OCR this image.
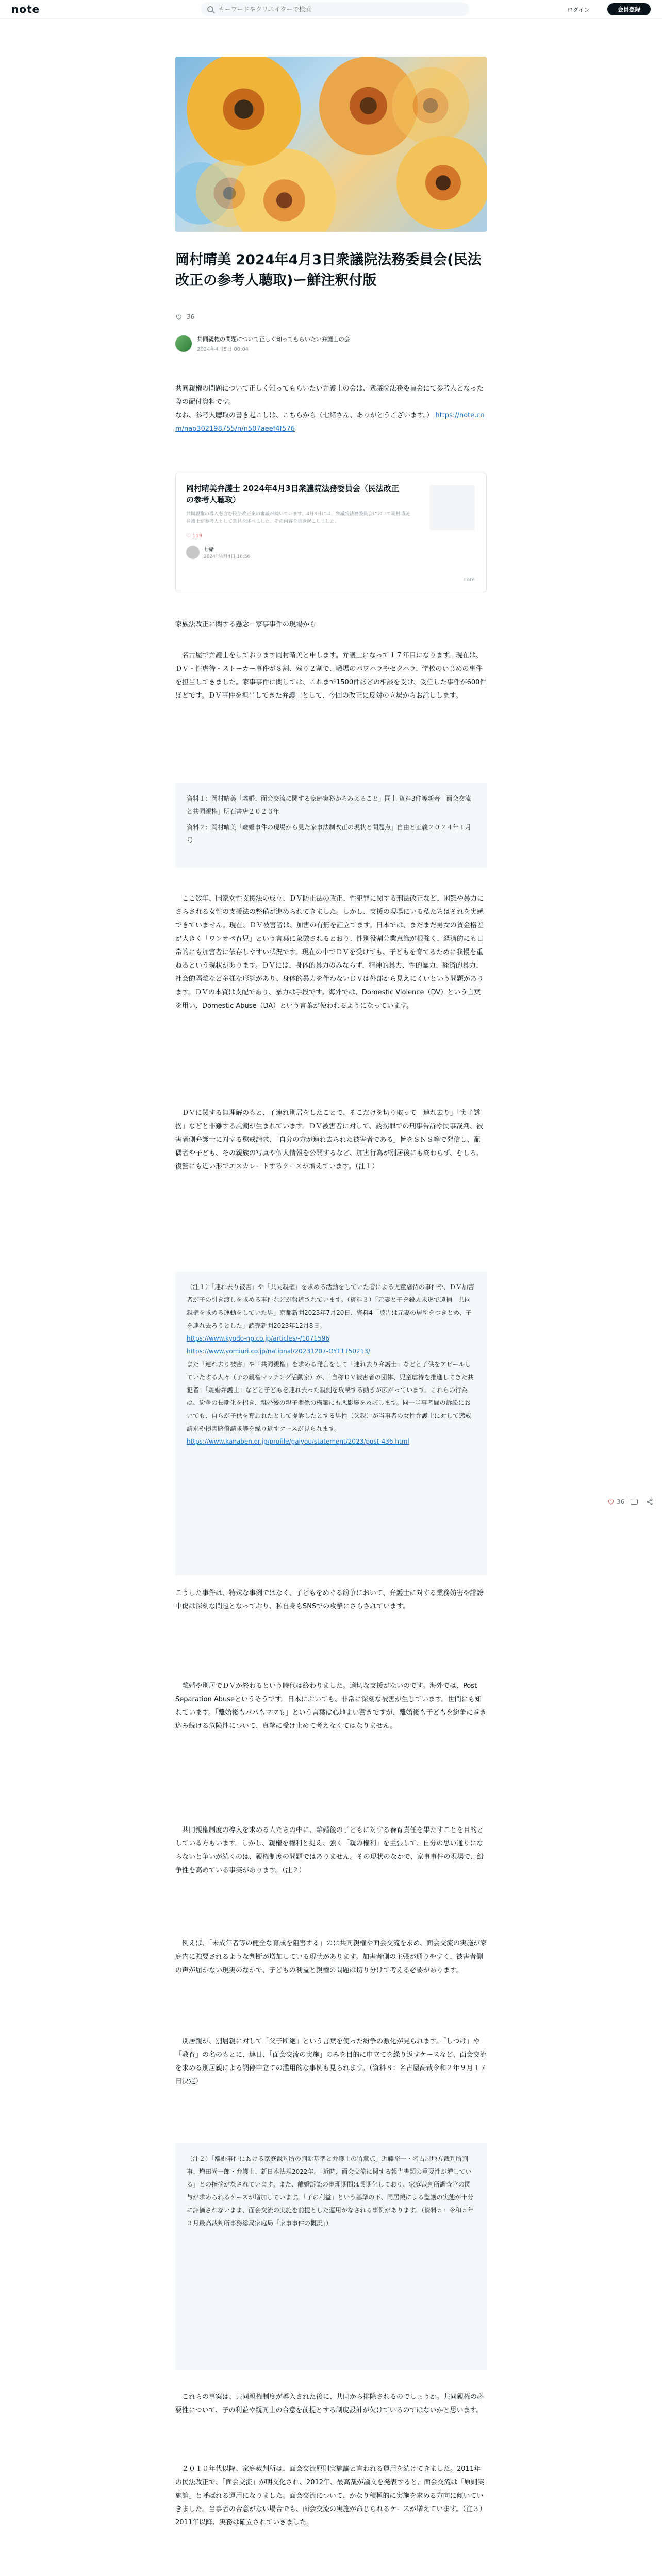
note
キーワードやクリエイターで検索	ログイン	会員登録
岡村晴美 2024年4月3日衆議院法務委員会(民法改正の参考人聴取)ー鮮注釈付版
36
共同親権の問題について正しく知ってもらいたい弁護士の会
2024年4月5日 00:04

共同親権の問題について正しく知ってもらいたい弁護士の会は、衆議院法務委員会にて参考人となった際の配付資料です。

なお、参考人聴取の書き起こしは、こちらから（七緒さん、ありがとうございます。） https://note.com/nao302198755/n/n507aeef4f576

岡村晴美弁護士 2024年4月3日衆議院法務委員会（民法改正の参考人聴取）
共同親権の導入を含む民法改正案の審議が続いています。4月3日には、衆議院法務委員会において岡村晴美弁護士が参考人として意見を述べました。その内容を書き起こしました。
♡ 119
七緒
2024年4月4日 16:56
note
家族法改正に関する懸念－家事事件の現場から
名古屋で弁護士をしております岡村晴美と申します。弁護士になって１７年目になります。現在は、ＤＶ・性虐待・ストーカー事件が８割、残り２割で、職場のパワハラやセクハラ、学校のいじめの事件を担当してきました。家事事件に関しては、これまで1500件ほどの相談を受け、受任した事件が600件ほどです。ＤＶ事件を担当してきた弁護士として、今回の改正に反対の立場からお話しします。

資料１：岡村晴美「離婚、面会交流に関する家庭実務からみえること」同上 資料3件等新著「面会交流と共同親権」明石書店２０２３年

資料２：岡村晴美「離婚事件の現場から見た家事法制改正の現状と問題点」自由と正義２０２４年１月号

ここ数年、国家女性支援法の成立、ＤＶ防止法の改正、性犯罪に関する刑法改正など、困難や暴力にさらされる女性の支援法の整備が進められてきました。しかし、支援の現場にいる私たちはそれを実感できていません。現在、ＤＶ被害者は、加害の有無を証立てます。日本では、まだまだ男女の賃金格差が大きく「ワンオペ育児」という言葉に象徴されるとおり、性別役割分業意識が根強く、経済的にも日常的にも加害者に依存しやすい状況です。現在の中でＤＶを受けても、子どもを育てるために我慢を重ねるという現状があります。ＤＶには、身体的暴力のみならず、精神的暴力、性的暴力、経済的暴力、社会的隔離など多様な形態があり、身体的暴力を伴わないＤＶは外部から見えにくいという問題があります。ＤＶの本質は支配であり、暴力は手段です。海外では、Domestic Violence（DV）という言葉を用い、Domestic Abuse（DA）という言葉が使われるようになっています。
ＤＶに関する無理解のもと、子連れ別居をしたことで、そこだけを切り取って「連れ去り」「実子誘拐」などと非難する風潮が生まれています。ＤＶ被害者に対して、誘拐罪での刑事告訴や民事裁判、被害者側弁護士に対する懲戒請求、「自分の方が連れ去られた被害者である」旨をＳＮＳ等で発信し、配偶者や子ども、その親族の写真や個人情報を公開するなど、加害行為が別居後にも終わらず、むしろ、復讐にも近い形でエスカレートするケースが増えています。（注１）

（注１）「連れ去り被害」や「共同親権」を求める活動をしていた者による児童虐待の事件や、ＤＶ加害者が子の引き渡しを求める事件などが報道されています。（資料３）「元妻と子を殺人未遂で逮捕　共同親権を求める運動をしていた男」京都新聞2023年7月20日、資料4「被告は元妻の居所をつきとめ、子を連れ去ろうとした」読売新聞2023年12月8日。

https://www.kyodo-np.co.jp/articles/-/1071596

https://www.yomiuri.co.jp/national/20231207-OYT1T50213/

また「連れ去り被害」や「共同親権」を求める発言をして「連れ去り弁護士」などと子供をアピールしていたする人々（子の親権マッチング活動家）が、「自称ＤＶ被害者の団体、児童虐待を推進してきた共犯者」「離婚弁護士」などと子どもを連れ去った親側を攻撃する動きが広がっています。これらの行為は、紛争の長期化を招き、離婚後の親子関係の構築にも悪影響を及ぼします。同一当事者間の訴訟においても、自らが子供を奪われたとして提訴したとする男性（父親）が当事者の女性弁護士に対して懲戒請求や損害賠償請求等を繰り返すケースが見られます。

https://www.kanaben.or.jp/profile/gaiyou/statement/2023/post-436.html

こうした事件は、特殊な事例ではなく、子どもをめぐる紛争において、弁護士に対する業務妨害や誹謗中傷は深刻な問題となっており、私自身もSNSでの攻撃にさらされています。
離婚や別居でＤＶが終わるという時代は終わりました。適切な支援がないのです。海外では、Post Separation Abuseというそうです。日本においても、非常に深刻な被害が生じています。世間にも知れています。「離婚後もパパもママも」という言葉は心地よい響きですが、離婚後も子どもを紛争に巻き込み続ける危険性について、真摯に受け止めて考えなくてはなりません。
共同親権制度の導入を求める人たちの中に、離婚後の子どもに対する養育責任を果たすことを目的としている方もいます。しかし、親権を権利と捉え、強く「親の権利」を主張して、自分の思い通りにならないと争いが続くのは、親権制度の問題ではありません。その現状のなかで、家事事件の現場で、紛争性を高めている事実があります。（注２）
例えば、「未成年者等の健全な育成を阻害する」のに共同親権や面会交流を求め、面会交流の実施が家庭内に強要されるような判断が増加している現状があります。加害者側の主張が通りやすく、被害者側の声が届かない現実のなかで、子どもの利益と親権の問題は切り分けて考える必要があります。
別居親が、別居親に対して「父子断絶」という言葉を使った紛争の激化が見られます。「しつけ」や「教育」の名のもとに、連日、「面会交流の実施」のみを目的に申立てを繰り返すケースなど、面会交流を求める別居親による調停申立ての濫用的な事例も見られます。（資料８：名古屋高裁令和２年９月１７日決定）
（注２）「離婚事件における家庭裁判所の判断基準と弁護士の留意点」近藤裕一・名古屋地方裁判所判事、増田尚一郎・弁護士、新日本法規2022年。「近時、面会交流に関する報告書類の重要性が増している」との指摘がなされています。また、離婚訴訟の審理期間は長期化しており、家庭裁判所調査官の関与が求められるケースが増加しています。「子の利益」という基準の下、同居親による監護の実態が十分に評価されないまま、面会交流の実施を前提とした運用がなされる事例があります。（資料５：令和５年３月最高裁判所事務総局家庭局「家事事件の概況」）
これらの事案は、共同親権制度が導入された後に、共同から排除されるのでしょうか。共同親権の必要性について、子の利益や親同士の合意を前提とする制度設計が欠けているのではないかと思います。
２０１０年代以降、家庭裁判所は、面会交流原則実施論と言われる運用を続けてきました。2011年の民法改正で、「面会交流」が明文化され、2012年、最高裁が論文を発表すると、面会交流は「原則実施論」と呼ばれる運用になりました。面会交流について、かなり積極的に実施を求める方向に傾いていきました。当事者の合意がない場合でも、面会交流の実施が命じられるケースが増えています。（注３）2011年以降、実務は確立されていきました。
36
